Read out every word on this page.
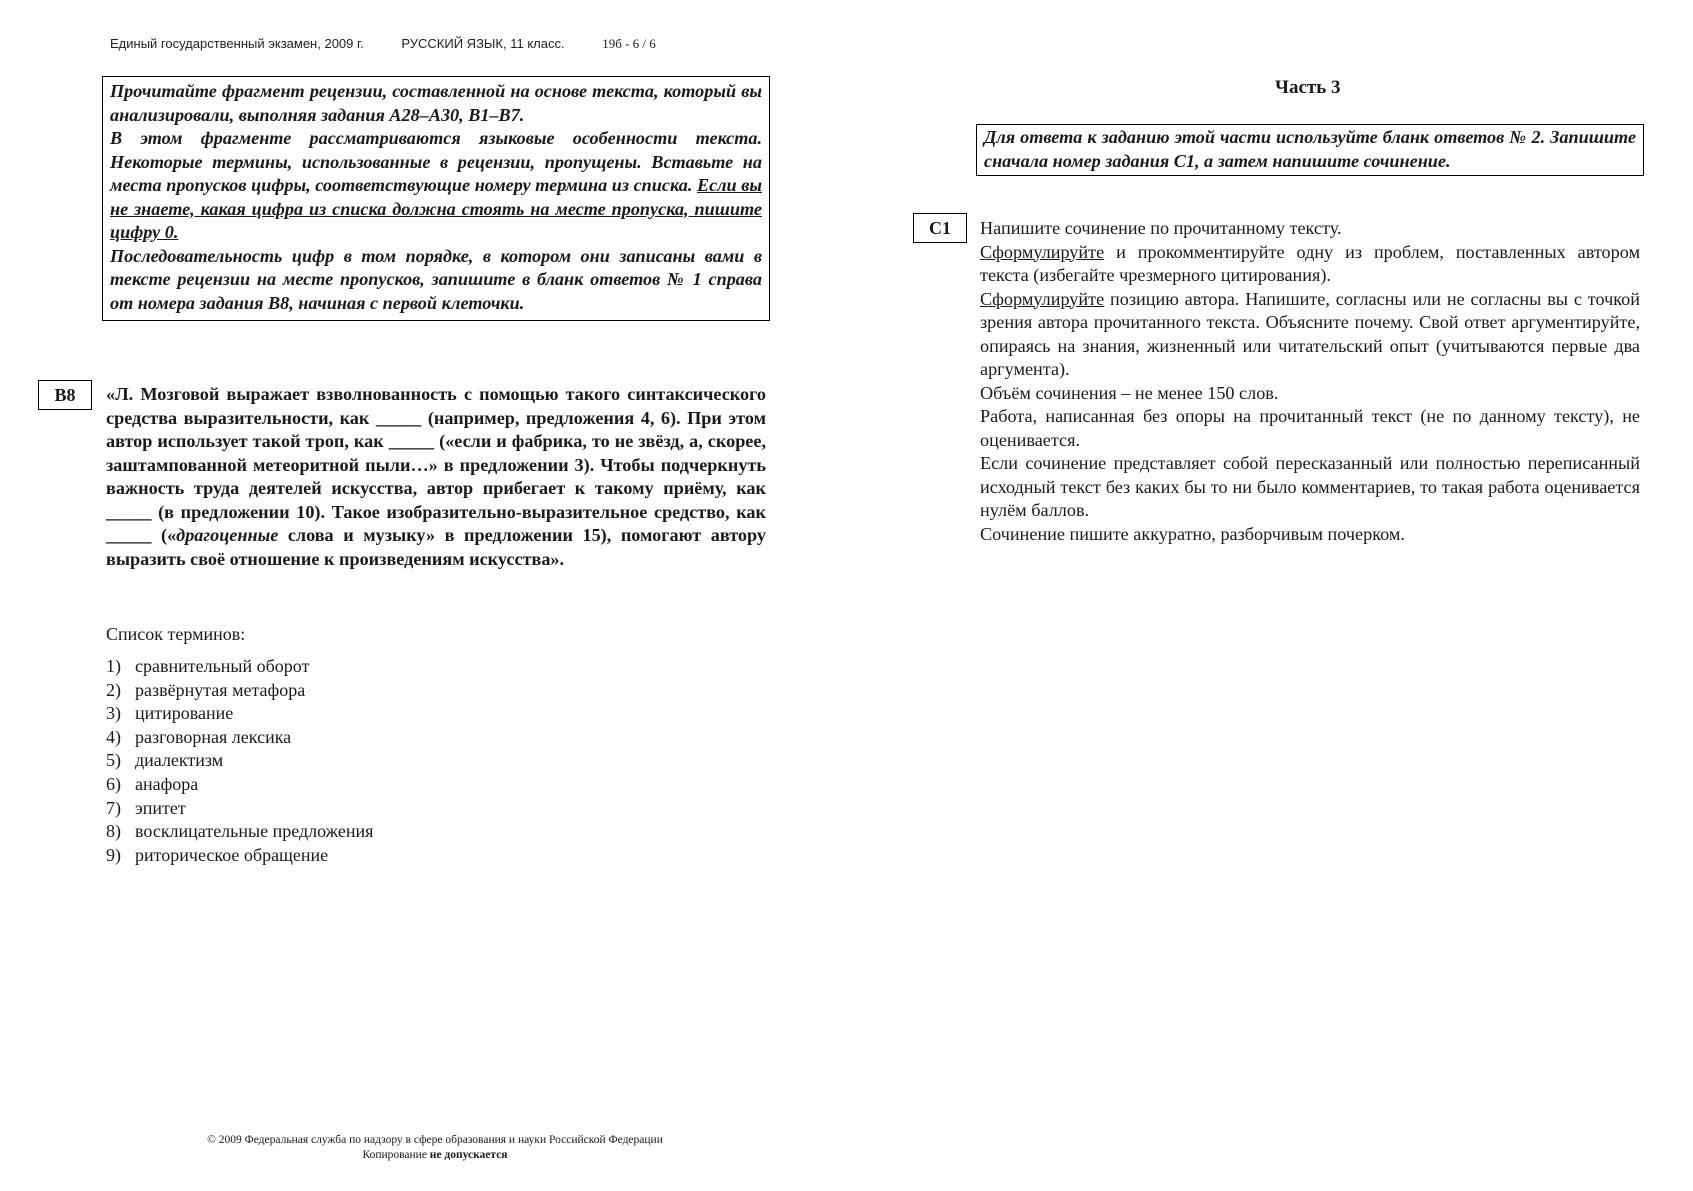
Единый государственный экзамен, 2009 г.	РУССКИЙ ЯЗЫК, 11 класс.	19б - 6 / 6

Прочитайте фрагмент рецензии, составленной на основе текста, который вы анализировали, выполняя задания А28–А30, В1–В7.

В этом фрагменте рассматриваются языковые особенности текста. Некоторые термины, использованные в рецензии, пропущены. Вставьте на места пропусков цифры, соответствующие номеру термина из списка. Если вы не знаете, какая цифра из списка должна стоять на месте пропуска, пишите цифру 0.

Последовательность цифр в том порядке, в котором они записаны вами в тексте рецензии на месте пропусков, запишите в бланк ответов № 1 справа от номера задания В8, начиная с первой клеточки.

В8	«Л. Мозговой выражает взволнованность с помощью такого синтаксического средства выразительности, как _____ (например, предложения 4, 6). При этом автор использует такой троп, как _____ («если и фабрика, то не звёзд, а, скорее, заштампованной метеоритной пыли…» в предложении 3). Чтобы подчеркнуть важность труда деятелей искусства, автор прибегает к такому приёму, как _____ (в предложении 10). Такое изобразительно-выразительное средство, как _____ («драгоценные слова и музыку» в предложении 15), помогают автору выразить своё отношение к произведениям искусства».

Список терминов:
1) сравнительный оборот
2) развёрнутая метафора
3) цитирование
4) разговорная лексика
5) диалектизм
6) анафора
7) эпитет
8) восклицательные предложения
9) риторическое обращение
Часть 3

Для ответа к заданию этой части используйте бланк ответов № 2. Запишите сначала номер задания С1, а затем напишите сочинение.

С1	Напишите сочинение по прочитанному тексту.

Сформулируйте и прокомментируйте одну из проблем, поставленных автором текста (избегайте чрезмерного цитирования).

Сформулируйте позицию автора. Напишите, согласны или не согласны вы с точкой зрения автора прочитанного текста. Объясните почему. Свой ответ аргументируйте, опираясь на знания, жизненный или читательский опыт (учитываются первые два аргумента).

Объём сочинения – не менее 150 слов.

Работа, написанная без опоры на прочитанный текст (не по данному тексту), не оценивается.

Если сочинение представляет собой пересказанный или полностью переписанный исходный текст без каких бы то ни было комментариев, то такая работа оценивается нулём баллов.

Сочинение пишите аккуратно, разборчивым почерком.

© 2009 Федеральная служба по надзору в сфере образования и науки Российской Федерации
Копирование не допускается
